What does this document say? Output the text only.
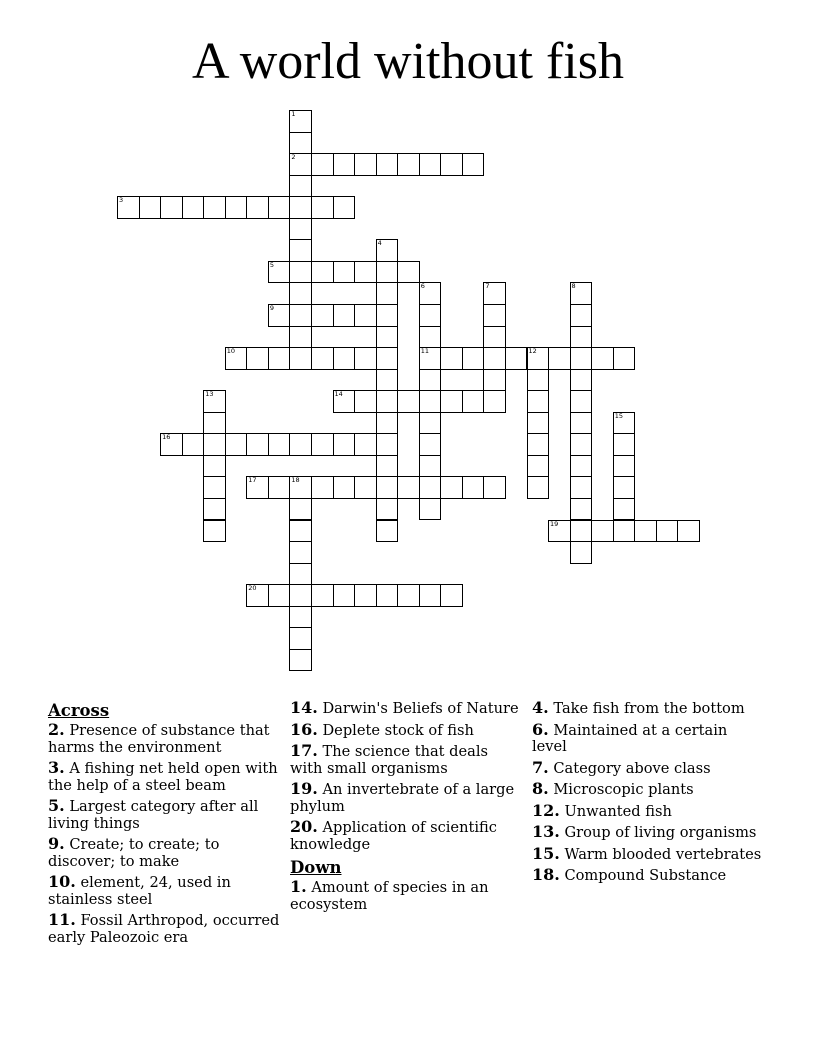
A world without fish
1
2
3
4
5
6
11
7	8
9
10	12
13	14
15
16
17	18
19
20
Across
2. Presence of substance that harms the environment
3. A fishing net held open with the help of a steel beam
5. Largest category after all living things
9. Create; to create; to discover; to make
10. element, 24, used in stainless steel
11. Fossil Arthropod, occurred early Paleozoic era
14. Darwin's Beliefs of Nature
16. Deplete stock of fish
17. The science that deals with small organisms
19. An invertebrate of a large phylum
20. Application of scientific knowledge
Down
1. Amount of species in an ecosystem
4. Take fish from the bottom
6. Maintained at a certain level
7. Category above class
8. Microscopic plants
12. Unwanted fish
13. Group of living organisms
15. Warm blooded vertebrates
18. Compound Substance
